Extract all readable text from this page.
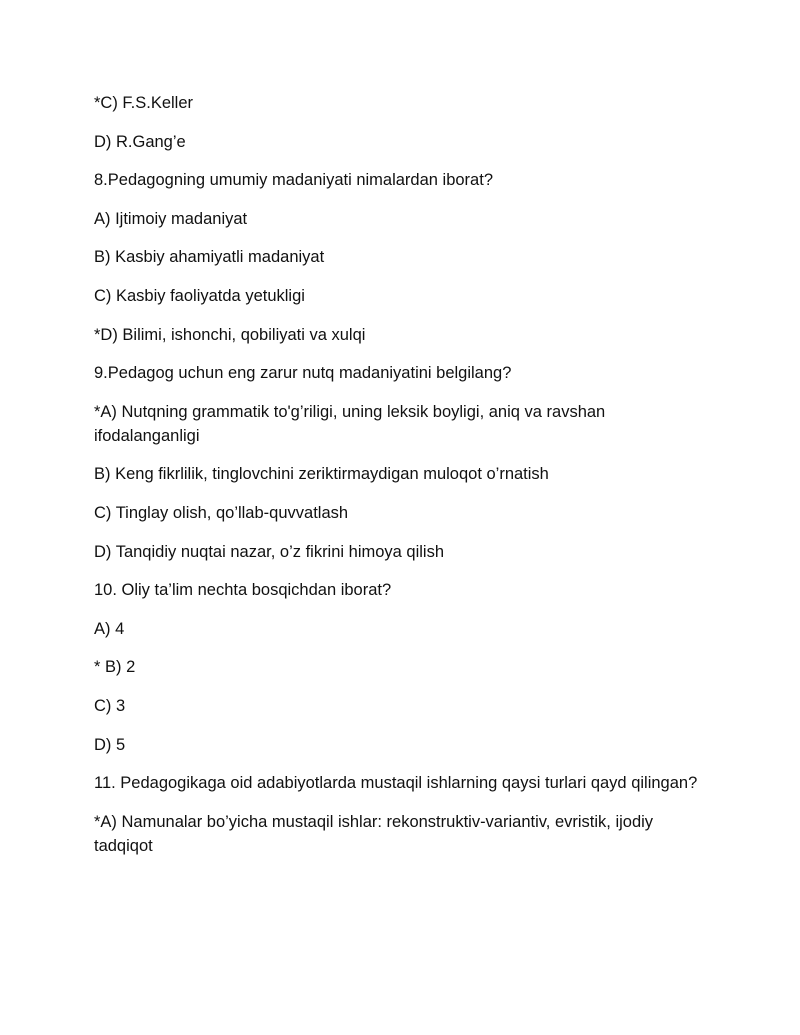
*C) F.S.Keller
D) R.Gang’e
8.Pedagogning umumiy madaniyati nimalardan iborat?
A) Ijtimoiy madaniyat
B) Kasbiy ahamiyatli madaniyat
C) Kasbiy faoliyatda yetukligi
*D) Bilimi, ishonchi, qobiliyati va xulqi
9.Pedagog uchun eng zarur nutq madaniyatini belgilang?
*A) Nutqning grammatik to'g’riligi, uning leksik boyligi, aniq va ravshan ifodalanganligi
B) Keng fikrlilik, tinglovchini zeriktirmaydigan muloqot o’rnatish
C) Tinglay olish, qo’llab-quvvatlash
D) Tanqidiy nuqtai nazar, o’z fikrini himoya qilish
10. Oliy ta’lim nechta bosqichdan iborat?
A) 4
* B) 2
C) 3
D) 5
11. Pedagogikaga oid adabiyotlarda mustaqil ishlarning qaysi turlari qayd qilingan?
*A) Namunalar bo’yicha mustaqil ishlar: rekonstruktiv-variantiv, evristik, ijodiy tadqiqot
